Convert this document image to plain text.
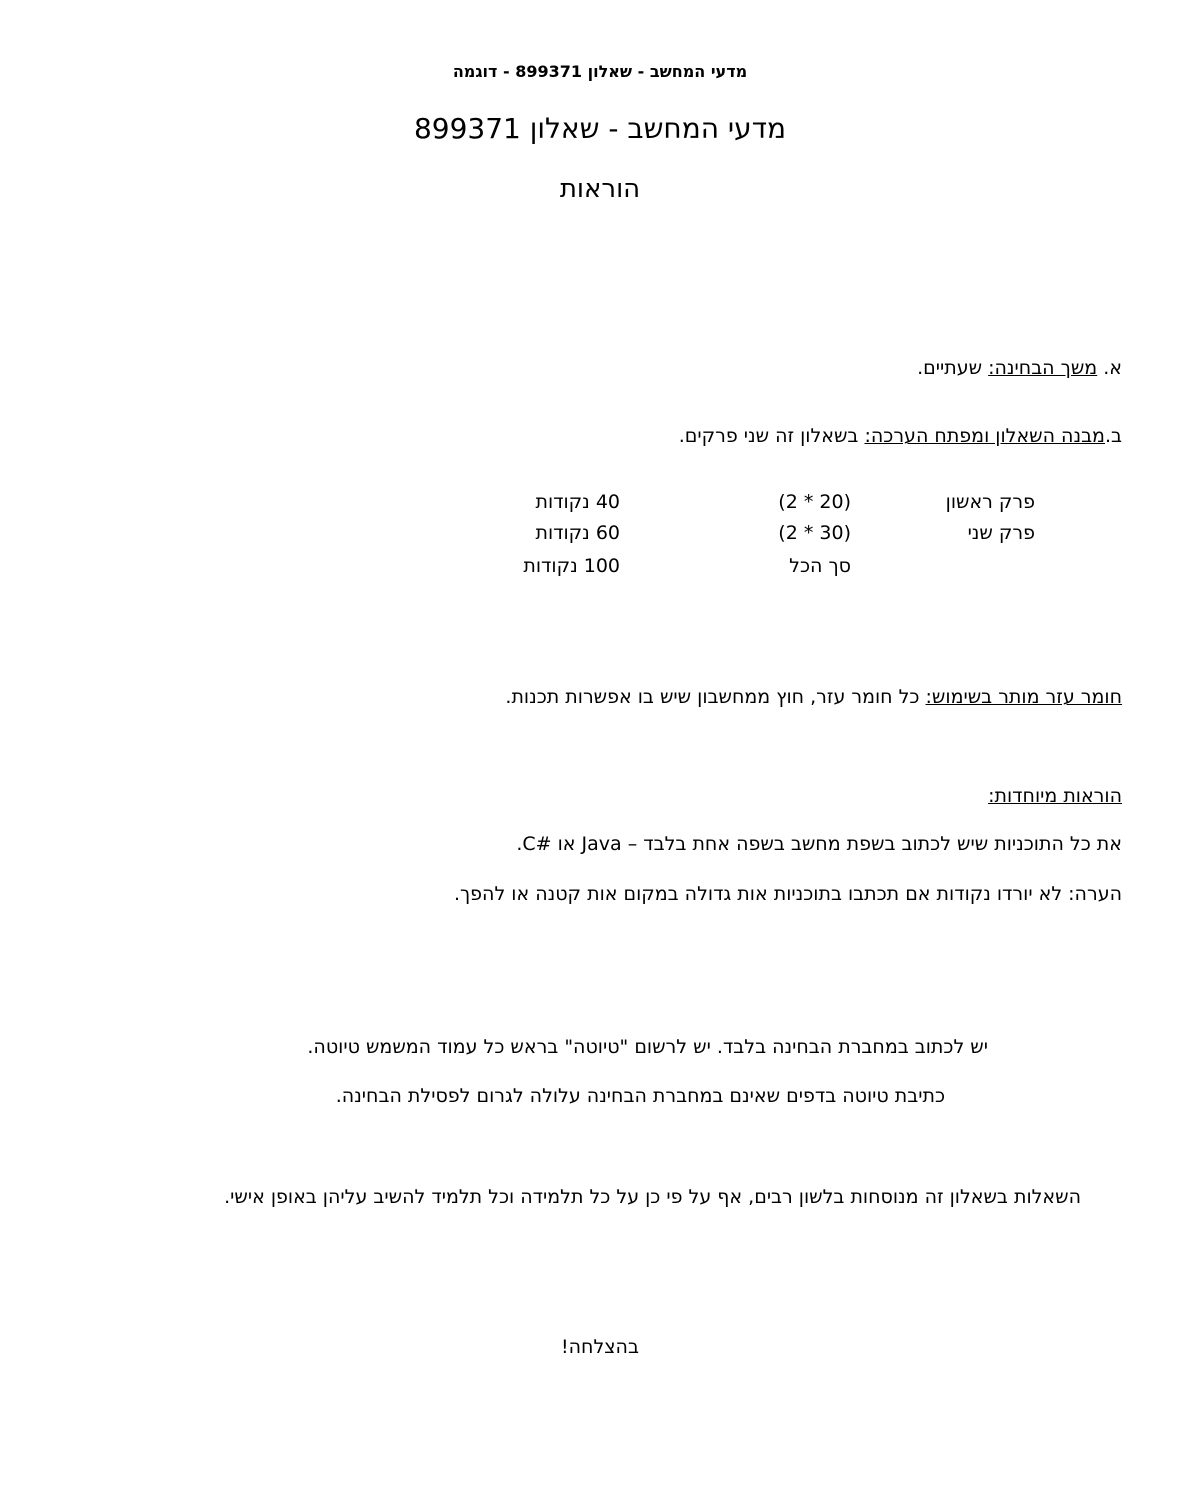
מדעי המחשב - שאלון 899371 - דוגמה
מדעי המחשב - שאלון 899371
הוראות
א. משך הבחינה: שעתיים.
ב.מבנה השאלון ומפתח הערכה: בשאלון זה שני פרקים.
פרק ראשון
(20 * 2)
40 נקודות
פרק שני
(30 * 2)
60 נקודות
סך הכל
100 נקודות
חומר עזר מותר בשימוש: כל חומר עזר, חוץ ממחשבון שיש בו אפשרות תכנות.
הוראות מיוחדות:
את כל התוכניות שיש לכתוב בשפת מחשב בשפה אחת בלבד – Java או #C.
הערה: לא יורדו נקודות אם תכתבו בתוכניות אות גדולה במקום אות קטנה או להפך.
יש לכתוב במחברת הבחינה בלבד. יש לרשום "טיוטה" בראש כל עמוד המשמש טיוטה.
כתיבת טיוטה בדפים שאינם במחברת הבחינה עלולה לגרום לפסילת הבחינה.
השאלות בשאלון זה מנוסחות בלשון רבים, אף על פי כן על כל תלמידה וכל תלמיד להשיב עליהן באופן אישי.
בהצלחה!
